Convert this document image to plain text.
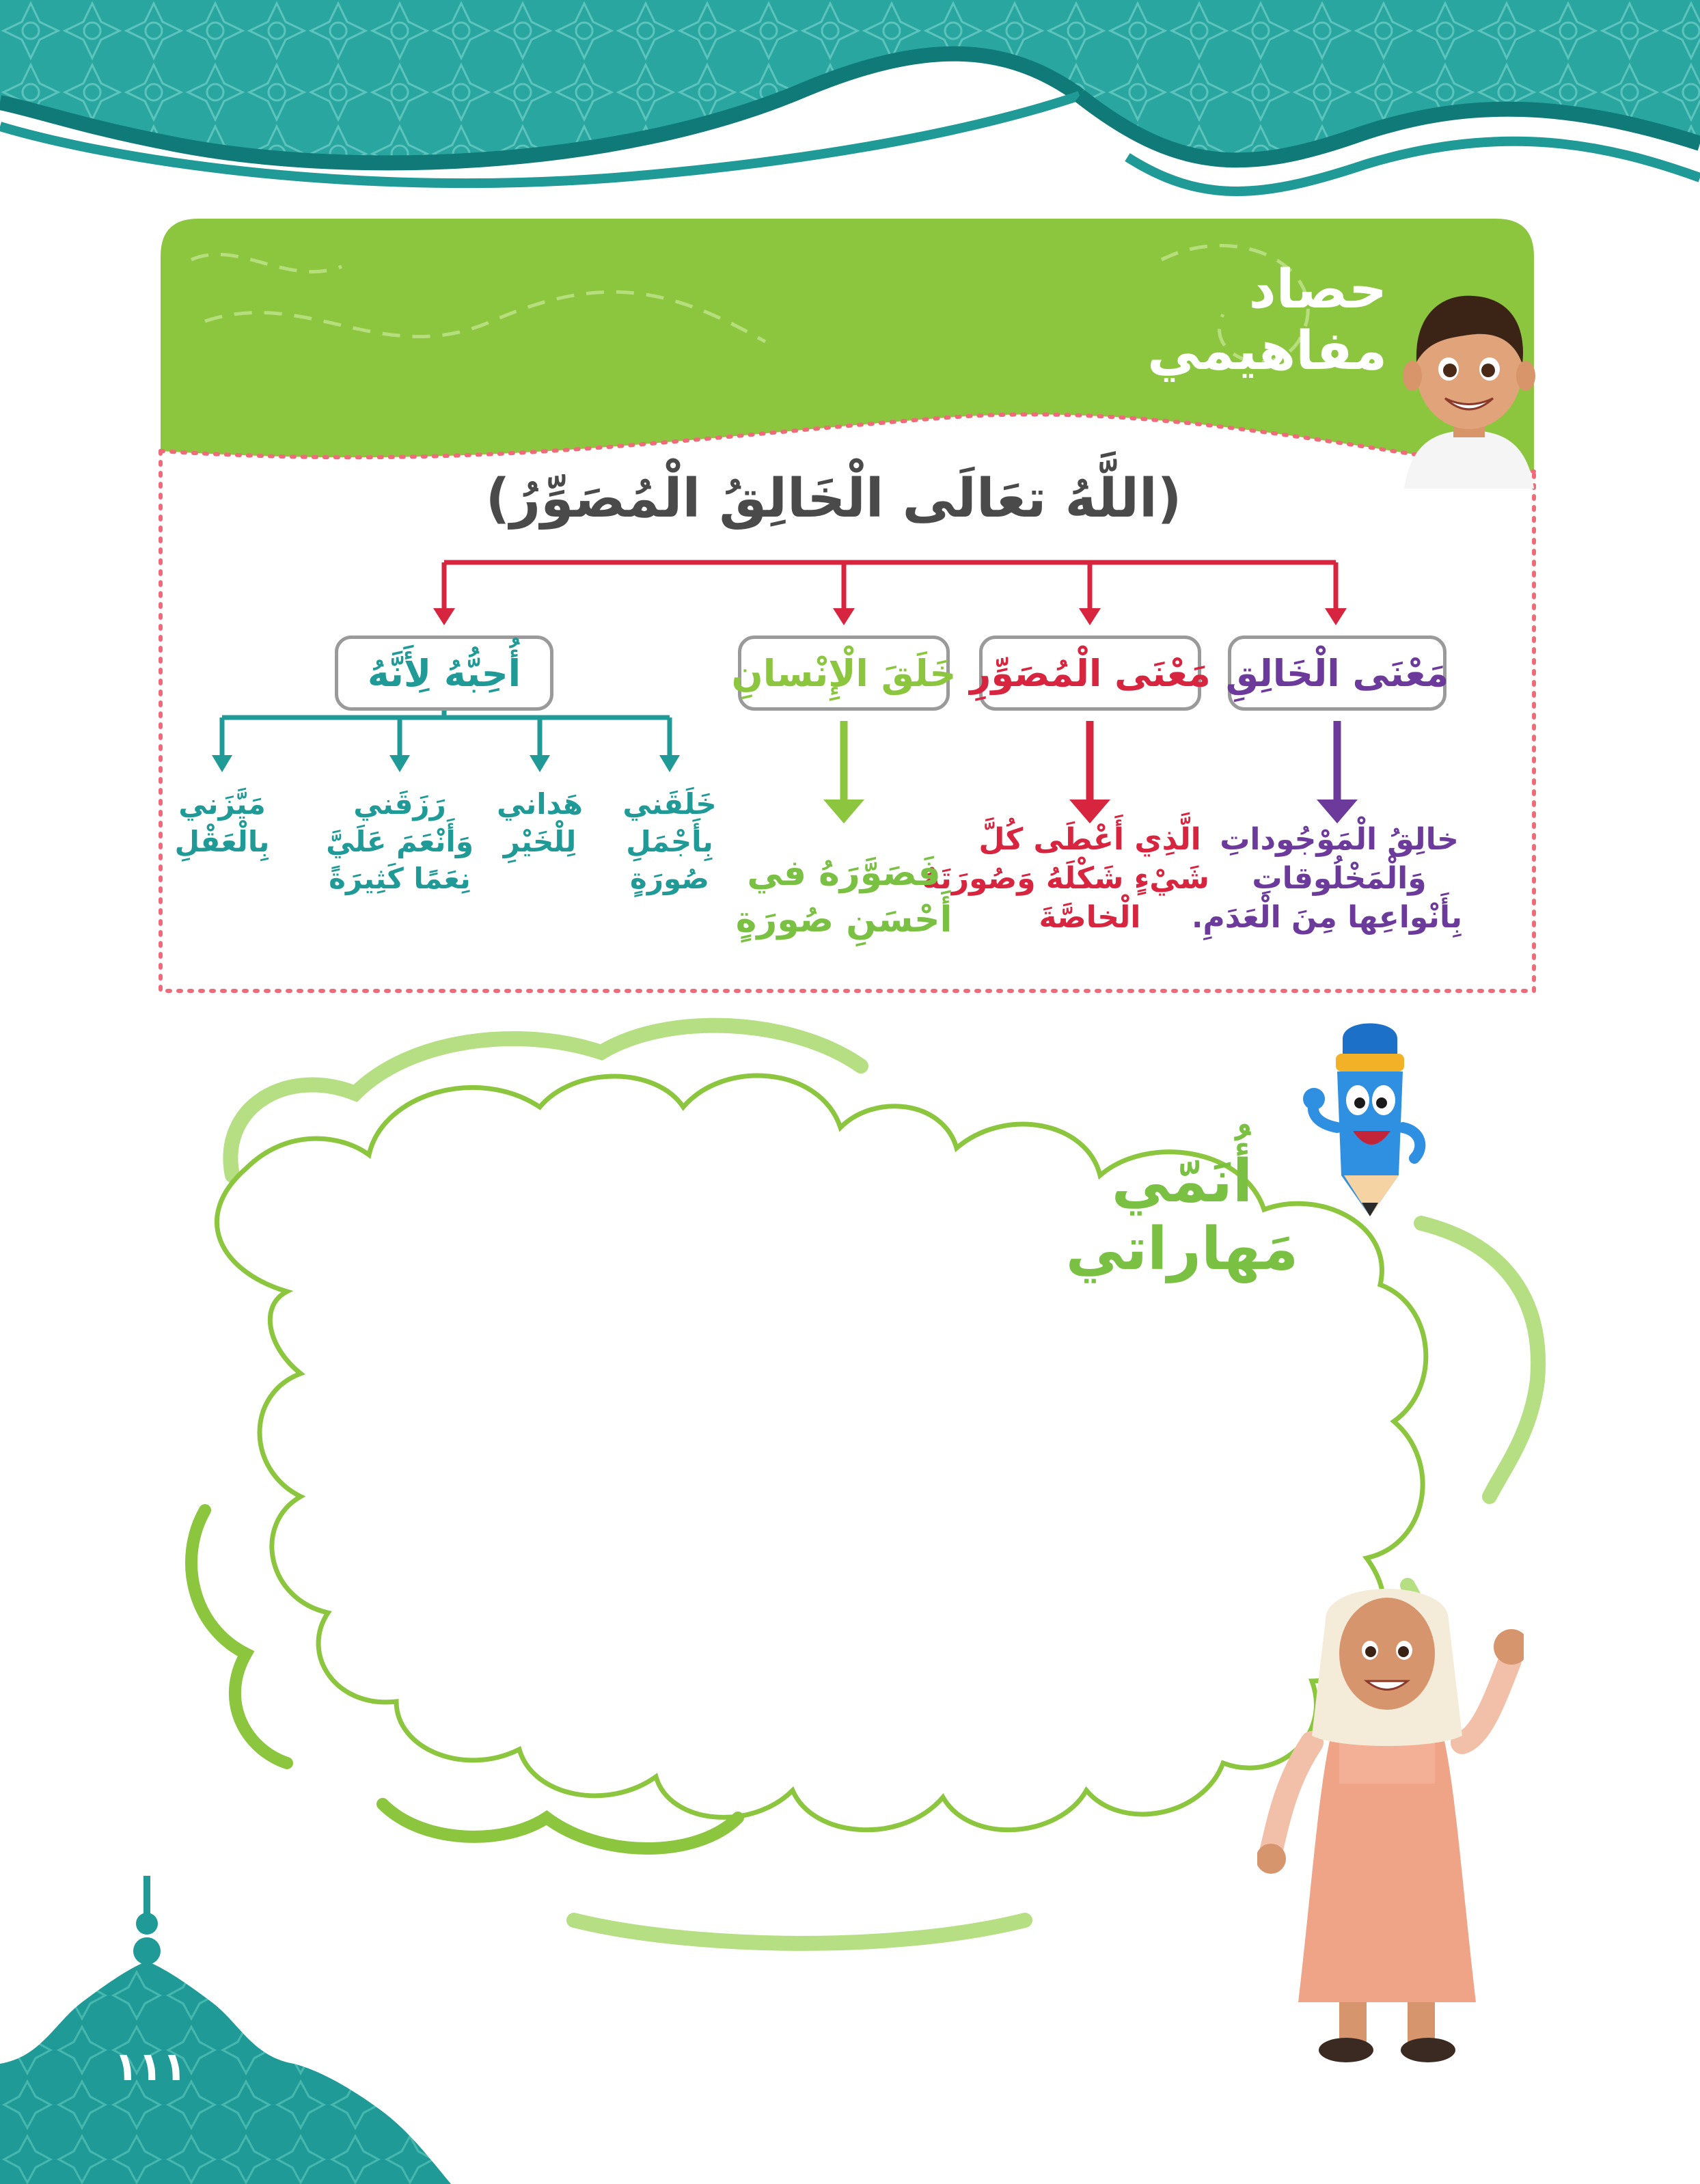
حصاد
مفاهيمي
(اللَّهُ تعَالَى الْخَالِقُ الْمُصَوِّرُ)
مَعْنَى الْخَالِقِ
مَعْنَى الْمُصَوِّرِ
خَلَقَ الْإِنْسانِ
أُحِبُّهُ لِأَنَّهُ
خالِقُ الْمَوْجُوداتِ
وَالْمَخْلُوقاتِ
بِأَنْواعِها مِنَ الْعَدَمِ.
الَّذِي أَعْطَى كُلَّ
شَيْءٍ شَكْلَهُ وَصُورَتَهُ
الْخاصَّةَ
فَصَوَّرَهُ في
أَحْسَنِ صُورَةٍ
خَلَقَني
بِأَجْمَلِ
صُورَةٍ
هَداني
لِلْخَيْرِ
رَزَقَني
وَأَنْعَمَ عَلَيَّ
نِعَمًا كَثِيرَةً
مَيَّزَني
بِالْعَقْلِ
أُنَمّي
مَهاراتي
١١١
